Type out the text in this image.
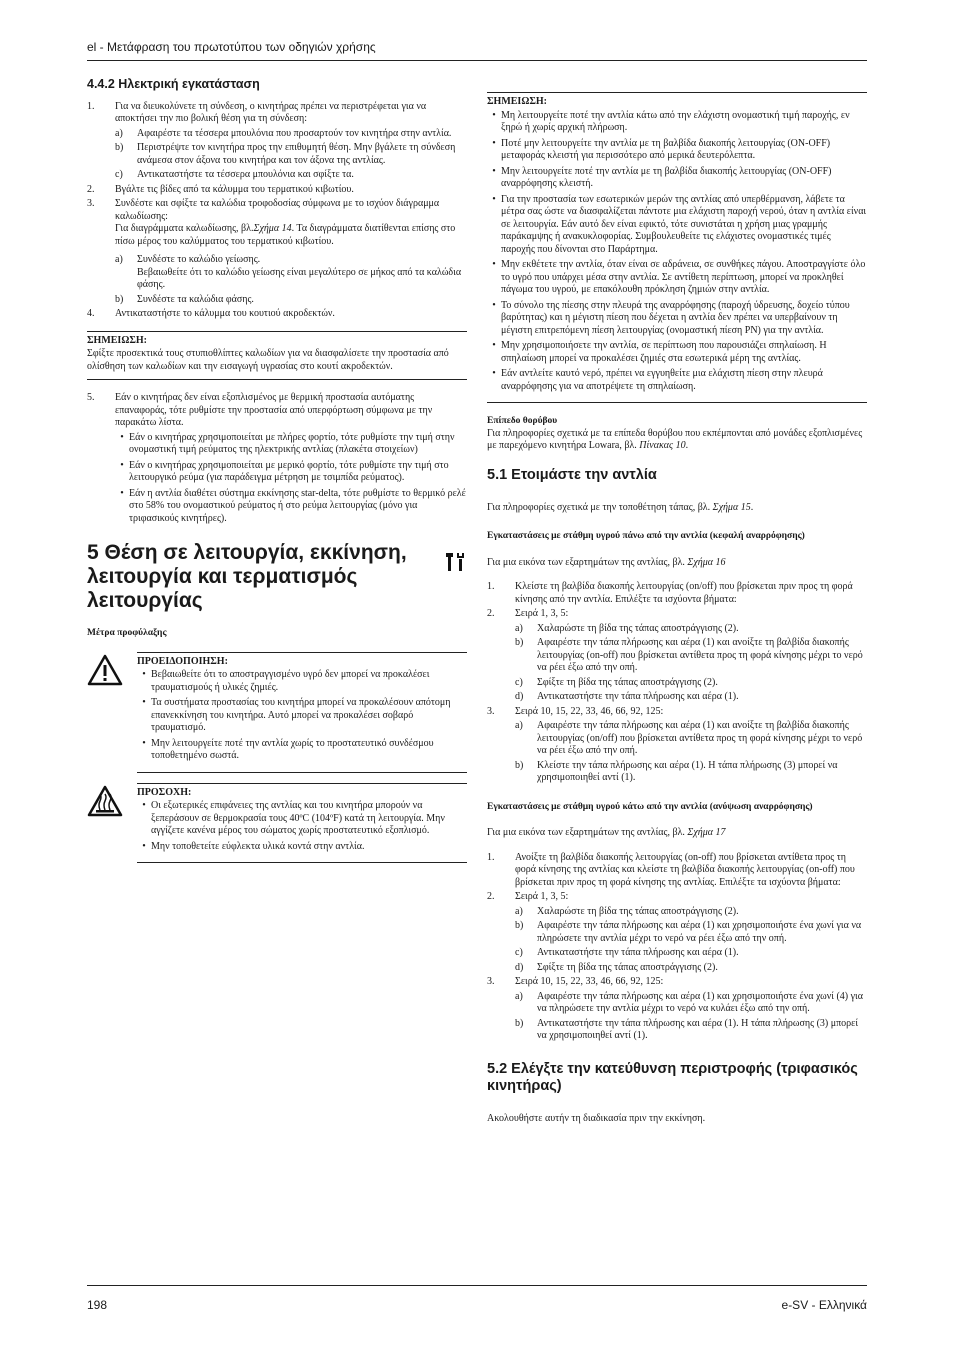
el - Μετάφραση του πρωτοτύπου των οδηγιών χρήσης
4.4.2 Ηλεκτρική εγκατάσταση
1.	Για να διευκολύνετε τη σύνδεση, ο κινητήρας πρέπει να περιστρέφεται για να αποκτήσει την πιο βολική θέση για τη σύνδεση:
a)	Αφαιρέστε τα τέσσερα μπουλόνια που προσαρτούν τον κινητήρα στην αντλία.
b)	Περιστρέψτε τον κινητήρα προς την επιθυμητή θέση. Μην βγάλετε τη σύνδεση ανάμεσα στον άξονα του κινητήρα και τον άξονα της αντλίας.
c)	Αντικαταστήστε τα τέσσερα μπουλόνια και σφίξτε τα.
2.	Βγάλτε τις βίδες από τα κάλυμμα του τερματικού κιβωτίου.
3.	Συνδέστε και σφίξτε τα καλώδια τροφοδοσίας σύμφωνα με το ισχύον διάγραμμα καλωδίωσης:
Για διαγράμματα καλωδίωσης, βλ.Σχήμα 14. Τα διαγράμματα διατίθενται επίσης στο πίσω μέρος του καλύμματος του τερματικού κιβωτίου.
a)	Συνδέστε το καλώδιο γείωσης.
Βεβαιωθείτε ότι το καλώδιο γείωσης είναι μεγαλύτερο σε μήκος από τα καλώδια φάσης.
b)	Συνδέστε τα καλώδια φάσης.
4.	Αντικαταστήστε το κάλυμμα του κουτιού ακροδεκτών.
ΣΗΜΕΙΩΣΗ:
Σφίξτε προσεκτικά τους στυπιοθλίπτες καλωδίων για να διασφαλίσετε την προστασία από ολίσθηση των καλωδίων και την εισαγωγή υγρασίας στο κουτί ακροδεκτών.
5.	Εάν ο κινητήρας δεν είναι εξοπλισμένος με θερμική προστασία αυτόματης επαναφοράς, τότε ρυθμίστε την προστασία από υπερφόρτωση σύμφωνα με την παρακάτω λίστα.
• Εάν ο κινητήρας χρησιμοποιείται με πλήρες φορτίο, τότε ρυθμίστε την τιμή στην ονομαστική τιμή ρεύματος της ηλεκτρικής αντλίας (πλακέτα στοιχείων)
• Εάν ο κινητήρας χρησιμοποιείται με μερικό φορτίο, τότε ρυθμίστε την τιμή στο λειτουργικό ρεύμα (για παράδειγμα μέτρηση με τσιμπίδα ρεύματος).
• Εάν η αντλία διαθέτει σύστημα εκκίνησης star-delta, τότε ρυθμίστε το θερμικό ρελέ στο 58% του ονομαστικού ρεύματος ή στο ρεύμα λειτουργίας (μόνο για τριφασικούς κινητήρες).
5 Θέση σε λειτουργία, εκκίνηση, λειτουργία και τερματισμός λειτουργίας
Μέτρα προφύλαξης
ΠΡΟΕΙΔΟΠΟΙΗΣΗ:
• Βεβαιωθείτε ότι το αποστραγγισμένο υγρό δεν μπορεί να προκαλέσει τραυματισμούς ή υλικές ζημιές.
• Τα συστήματα προστασίας του κινητήρα μπορεί να προκαλέσουν απότομη επανεκκίνηση του κινητήρα. Αυτό μπορεί να προκαλέσει σοβαρό τραυματισμό.
• Μην λειτουργείτε ποτέ την αντλία χωρίς το προστατευτικό συνδέσμου τοποθετημένο σωστά.
ΠΡΟΣΟΧΗ:
• Οι εξωτερικές επιφάνειες της αντλίας και του κινητήρα μπορούν να ξεπεράσουν σε θερμοκρασία τους 40ºC (104ºF) κατά τη λειτουργία. Μην αγγίζετε κανένα μέρος του σώματος χωρίς προστατευτικό εξοπλισμό.
• Μην τοποθετείτε εύφλεκτα υλικά κοντά στην αντλία.
ΣΗΜΕΙΩΣΗ:
• Μη λειτουργείτε ποτέ την αντλία κάτω από την ελάχιστη ονομαστική τιμή παροχής, εν ξηρώ ή χωρίς αρχική πλήρωση.
• Ποτέ μην λειτουργείτε την αντλία με τη βαλβίδα διακοπής λειτουργίας (ON-OFF) μεταφοράς κλειστή για περισσότερο από μερικά δευτερόλεπτα.
• Μην λειτουργείτε ποτέ την αντλία με τη βαλβίδα διακοπής λειτουργίας (ON-OFF) αναρρόφησης κλειστή.
• Για την προστασία των εσωτερικών μερών της αντλίας από υπερθέρμανση, λάβετε τα μέτρα σας ώστε να διασφαλίζεται πάντοτε μια ελάχιστη παροχή νερού, όταν η αντλία είναι σε λειτουργία. Εάν αυτό δεν είναι εφικτό, τότε συνιστάται η χρήση μιας γραμμής παράκαμψης ή ανακυκλοφορίας. Συμβουλευθείτε τις ελάχιστες ονομαστικές τιμές παροχής που δίνονται στο Παράρτημα.
• Μην εκθέτετε την αντλία, όταν είναι σε αδράνεια, σε συνθήκες πάγου. Αποστραγγίστε όλο το υγρό που υπάρχει μέσα στην αντλία. Σε αντίθετη περίπτωση, μπορεί να προκληθεί πάγωμα του υγρού, με επακόλουθη πρόκληση ζημιών στην αντλία.
• Το σύνολο της πίεσης στην πλευρά της αναρρόφησης (παροχή ύδρευσης, δοχείο τύπου βαρύτητας) και η μέγιστη πίεση που δέχεται η αντλία δεν πρέπει να υπερβαίνουν τη μέγιστη επιτρεπόμενη πίεση λειτουργίας (ονομαστική πίεση PN) για την αντλία.
• Μην χρησιμοποιήσετε την αντλία, σε περίπτωση που παρουσιάζει σπηλαίωση. Η σπηλαίωση μπορεί να προκαλέσει ζημιές στα εσωτερικά μέρη της αντλίας.
• Εάν αντλείτε καυτό νερό, πρέπει να εγγυηθείτε μια ελάχιστη πίεση στην πλευρά αναρρόφησης για να αποτρέψετε τη σπηλαίωση.
Επίπεδο θορύβου
Για πληροφορίες σχετικά με τα επίπεδα θορύβου που εκπέμπονται από μονάδες εξοπλισμένες με παρεχόμενο κινητήρα Lowara, βλ. Πίνακας 10.
5.1 Ετοιμάστε την αντλία
Για πληροφορίες σχετικά με την τοποθέτηση τάπας, βλ. Σχήμα 15.
Εγκαταστάσεις με στάθμη υγρού πάνω από την αντλία (κεφαλή αναρρόφησης)
Για μια εικόνα των εξαρτημάτων της αντλίας, βλ. Σχήμα 16
1.	Κλείστε τη βαλβίδα διακοπής λειτουργίας (on/off) που βρίσκεται πριν προς τη φορά κίνησης από την αντλία. Επιλέξτε τα ισχύοντα βήματα:
2.	Σειρά 1, 3, 5:
a)	Χαλαρώστε τη βίδα της τάπας αποστράγγισης (2).
b)	Αφαιρέστε την τάπα πλήρωσης και αέρα (1) και ανοίξτε τη βαλβίδα διακοπής λειτουργίας (on-off) που βρίσκεται αντίθετα προς τη φορά κίνησης μέχρι το νερό να ρέει έξω από την οπή.
c)	Σφίξτε τη βίδα της τάπας αποστράγγισης (2).
d)	Αντικαταστήστε την τάπα πλήρωσης και αέρα (1).
3.	Σειρά 10, 15, 22, 33, 46, 66, 92, 125:
a)	Αφαιρέστε την τάπα πλήρωσης και αέρα (1) και ανοίξτε τη βαλβίδα διακοπής λειτουργίας (on/off) που βρίσκεται αντίθετα προς τη φορά κίνησης μέχρι το νερό να ρέει έξω από την οπή.
b)	Κλείστε την τάπα πλήρωσης και αέρα (1). Η τάπα πλήρωσης (3) μπορεί να χρησιμοποιηθεί αντί (1).
Εγκαταστάσεις με στάθμη υγρού κάτω από την αντλία (ανύψωση αναρρόφησης)
Για μια εικόνα των εξαρτημάτων της αντλίας, βλ. Σχήμα 17
1.	Ανοίξτε τη βαλβίδα διακοπής λειτουργίας (on-off) που βρίσκεται αντίθετα προς τη φορά κίνησης της αντλίας και κλείστε τη βαλβίδα διακοπής λειτουργίας (on-off) που βρίσκεται πριν προς τη φορά κίνησης της αντλίας. Επιλέξτε τα ισχύοντα βήματα:
2.	Σειρά 1, 3, 5:
a)	Χαλαρώστε τη βίδα της τάπας αποστράγγισης (2).
b)	Αφαιρέστε την τάπα πλήρωσης και αέρα (1) και χρησιμοποιήστε ένα χωνί για να πληρώσετε την αντλία μέχρι το νερό να ρέει έξω από την οπή.
c)	Αντικαταστήστε την τάπα πλήρωσης και αέρα (1).
d)	Σφίξτε τη βίδα της τάπας αποστράγγισης (2).
3.	Σειρά 10, 15, 22, 33, 46, 66, 92, 125:
a)	Αφαιρέστε την τάπα πλήρωσης και αέρα (1) και χρησιμοποιήστε ένα χωνί (4) για να πληρώσετε την αντλία μέχρι το νερό να κυλάει έξω από την οπή.
b)	Αντικαταστήστε την τάπα πλήρωσης και αέρα (1). Η τάπα πλήρωσης (3) μπορεί να χρησιμοποιηθεί αντί (1).
5.2 Ελέγξτε την κατεύθυνση περιστροφής (τριφασικός κινητήρας)
Ακολουθήστε αυτήν τη διαδικασία πριν την εκκίνηση.
198	e-SV - Ελληνικά
